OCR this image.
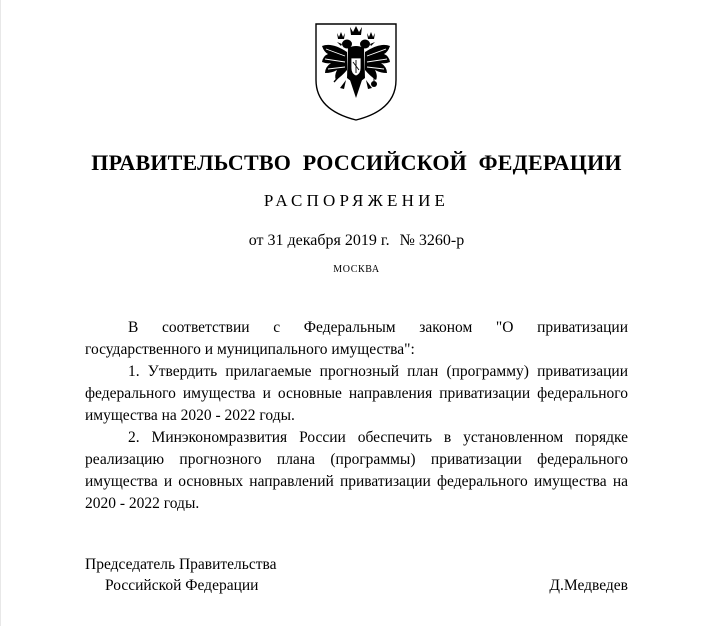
ПРАВИТЕЛЬСТВО РОССИЙСКОЙ ФЕДЕРАЦИИ
РАСПОРЯЖЕНИЕ
от 31 декабря 2019 г. № 3260-р
МОСКВА

В соответствии с Федеральным законом "О приватизации государственного и муниципального имущества":

1. Утвердить прилагаемые прогнозный план (программу) приватизации федерального имущества и основные направления приватизации федерального имущества на 2020 - 2022 годы.

2. Минэкономразвития России обеспечить в установленном порядке реализацию прогнозного плана (программы) приватизации федерального имущества и основных направлений приватизации федерального имущества на 2020 - 2022 годы.

Председатель Правительства
Российской Федерации	Д.Медведев
